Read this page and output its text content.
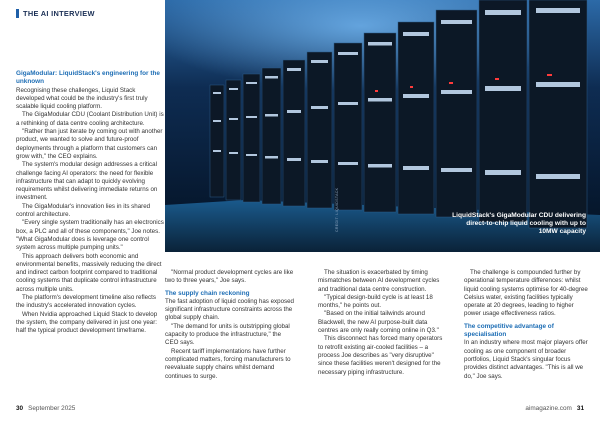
THE AI INTERVIEW
LiquidStack's GigaModular CDU delivering direct-to-chip liquid cooling with up to 10MW capacity
CREDIT: LIQUIDSTACK

GigaModular: LiquidStack's engineering for the unknown

Recognising these challenges, Liquid Stack developed what could be the industry's first truly scalable liquid cooling platform.

The GigaModular CDU (Coolant Distribution Unit) is a rethinking of data centre cooling architecture.

"Rather than just iterate by coming out with another product, we wanted to solve and future-proof deployments through a platform that customers can grow with," the CEO explains.

The system's modular design addresses a critical challenge facing AI operators: the need for flexible infrastructure that can adapt to quickly evolving requirements whilst delivering immediate returns on investment.

The GigaModular's innovation lies in its shared control architecture.

"Every single system traditionally has an electronics box, a PLC and all of these components," Joe notes. "What GigaModular does is leverage one control system across multiple pumping units."

This approach delivers both economic and environmental benefits, massively reducing the direct and indirect carbon footprint compared to traditional cooling systems that duplicate control infrastructure across multiple units.

The platform's development timeline also reflects the industry's accelerated innovation cycles.

When Nvidia approached Liquid Stack to develop the system, the company delivered in just one year: half the typical product development timeframe.

"Normal product development cycles are like two to three years," Joe says.

The supply chain reckoning

The fast adoption of liquid cooling has exposed significant infrastructure constraints across the global supply chain.

"The demand for units is outstripping global capacity to produce the infrastructure," the CEO says.

Recent tariff implementations have further complicated matters, forcing manufacturers to reevaluate supply chains whilst demand continues to surge.

The situation is exacerbated by timing mismatches between AI development cycles and traditional data centre construction.

"Typical design-build cycle is at least 18 months," he points out.

"Based on the initial tailwinds around Blackwell, the new AI purpose-built data centres are only really coming online in Q3."

This disconnect has forced many operators to retrofit existing air-cooled facilities – a process Joe describes as "very disruptive" since these facilities weren't designed for the necessary piping infrastructure.

The challenge is compounded further by operational temperature differences: whilst liquid cooling systems optimise for 40-degree Celsius water, existing facilities typically operate at 20 degrees, leading to higher power usage effectiveness ratios.

The competitive advantage of specialisation

In an industry where most major players offer cooling as one component of broader portfolios, Liquid Stack's singular focus provides distinct advantages. "This is all we do," Joe says.

30 September 2025	aimagazine.com 31
